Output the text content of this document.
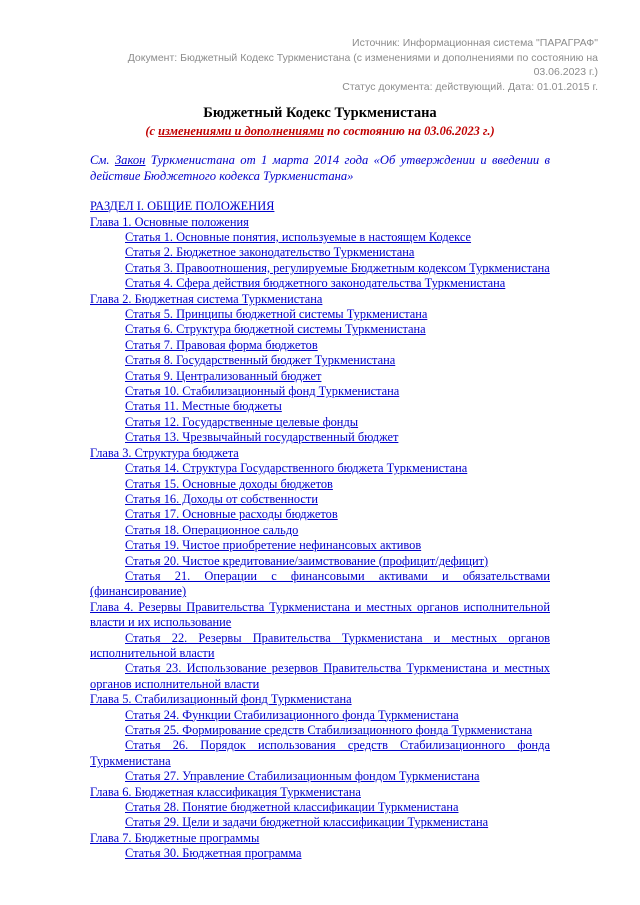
Источник: Информационная система "ПАРАГРАФ"
Документ: Бюджетный Кодекс Туркменистана (с изменениями и дополнениями по состоянию на 03.06.2023 г.)
Статус документа: действующий. Дата: 01.01.2015 г.
Бюджетный Кодекс Туркменистана
(с изменениями и дополнениями по состоянию на 03.06.2023 г.)
См. Закон Туркменистана от 1 марта 2014 года «Об утверждении и введении в действие Бюджетного кодекса Туркменистана»

РАЗДЕЛ I. ОБЩИЕ ПОЛОЖЕНИЯ

Глава 1. Основные положения

Статья 1. Основные понятия, используемые в настоящем Кодексе

Статья 2. Бюджетное законодательство Туркменистана

Статья 3. Правоотношения, регулируемые Бюджетным кодексом Туркменистана

Статья 4. Сфера действия бюджетного законодательства Туркменистана

Глава 2. Бюджетная система Туркменистана

Статья 5. Принципы бюджетной системы Туркменистана

Статья 6. Структура бюджетной системы Туркменистана

Статья 7. Правовая форма бюджетов

Статья 8. Государственный бюджет Туркменистана

Статья 9. Централизованный бюджет

Статья 10. Стабилизационный фонд Туркменистана

Статья 11. Местные бюджеты

Статья 12. Государственные целевые фонды

Статья 13. Чрезвычайный государственный бюджет

Глава 3. Структура бюджета

Статья 14. Структура Государственного бюджета Туркменистана

Статья 15. Основные доходы бюджетов

Статья 16. Доходы от собственности

Статья 17. Основные расходы бюджетов

Статья 18. Операционное сальдо

Статья 19. Чистое приобретение нефинансовых активов

Статья 20. Чистое кредитование/заимствование (профицит/дефицит)

Статья 21. Операции с финансовыми активами и обязательствами (финансирование)

Глава 4. Резервы Правительства Туркменистана и местных органов исполнительной власти и их использование

Статья 22. Резервы Правительства Туркменистана и местных органов исполнительной власти

Статья 23. Использование резервов Правительства Туркменистана и местных органов исполнительной власти

Глава 5. Стабилизационный фонд Туркменистана

Статья 24. Функции Стабилизационного фонда Туркменистана

Статья 25. Формирование средств Стабилизационного фонда Туркменистана

Статья 26. Порядок использования средств Стабилизационного фонда Туркменистана

Статья 27. Управление Стабилизационным фондом Туркменистана

Глава 6. Бюджетная классификация Туркменистана

Статья 28. Понятие бюджетной классификации Туркменистана

Статья 29. Цели и задачи бюджетной классификации Туркменистана

Глава 7. Бюджетные программы

Статья 30. Бюджетная программа
